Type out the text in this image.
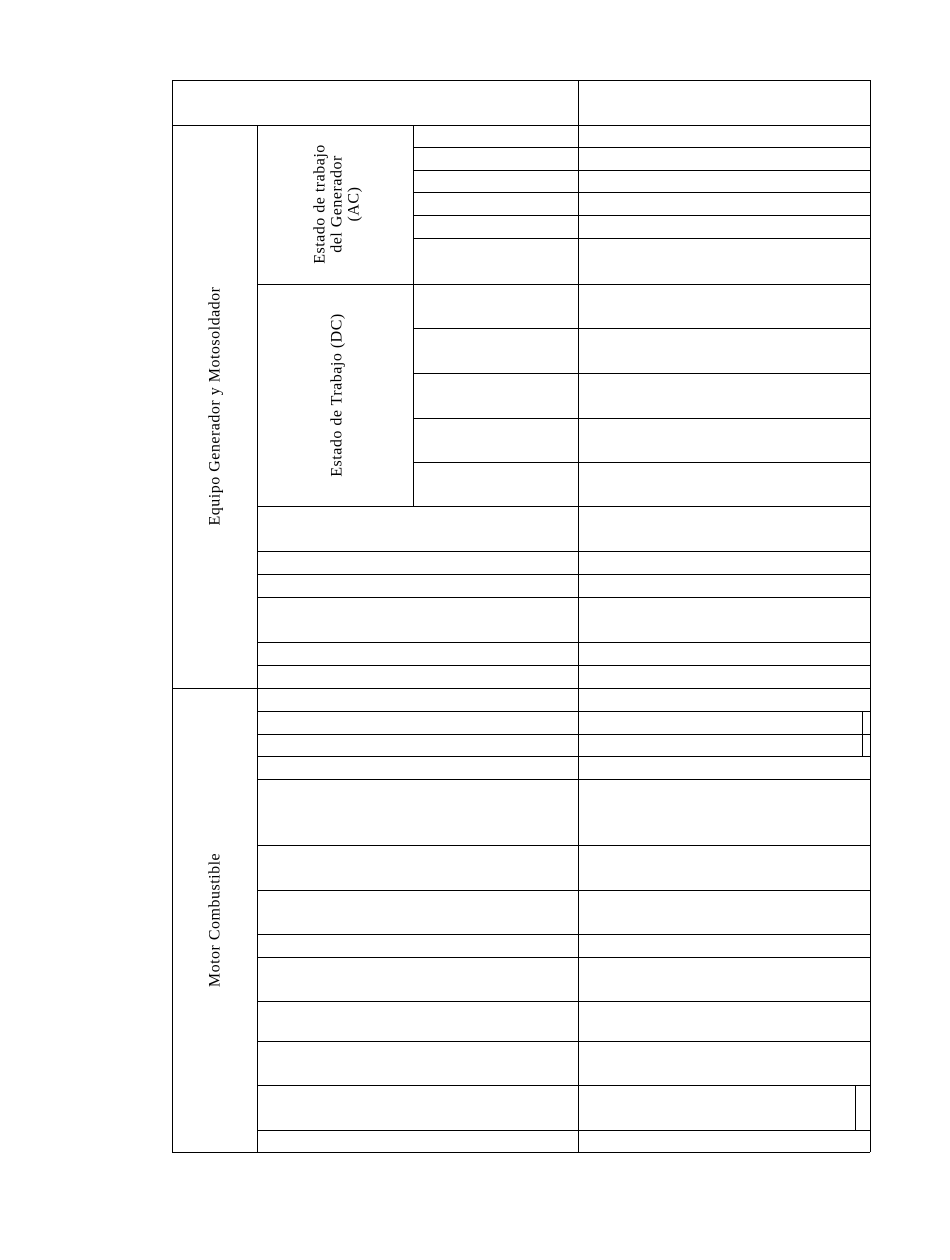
Equipo Generador y Motosoldador
Estado de trabajo del Generador (AC)
Estado de Trabajo (DC)
Motor Combustible
